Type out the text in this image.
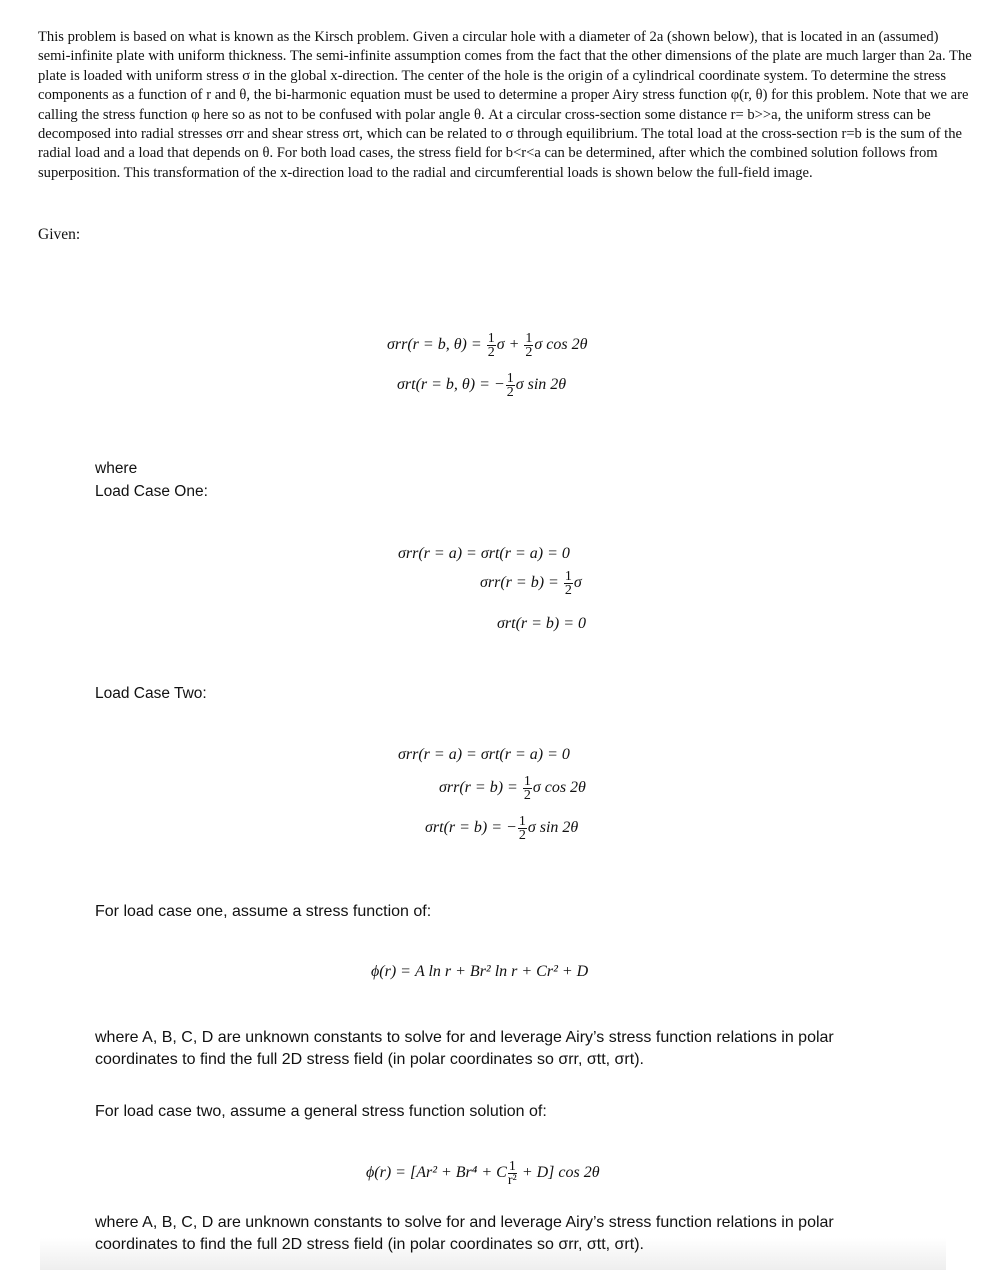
This problem is based on what is known as the Kirsch problem. Given a circular hole with a diameter of 2a (shown below), that is located in an (assumed) semi-infinite plate with uniform thickness. The semi-infinite assumption comes from the fact that the other dimensions of the plate are much larger than 2a. The plate is loaded with uniform stress σ in the global x-direction. The center of the hole is the origin of a cylindrical coordinate system. To determine the stress components as a function of r and θ, the bi-harmonic equation must be used to determine a proper Airy stress function φ(r, θ) for this problem. Note that we are calling the stress function φ here so as not to be confused with polar angle θ. At a circular cross-section some distance r= b>>a, the uniform stress can be decomposed into radial stresses σrr and shear stress σrt, which can be related to σ through equilibrium. The total load at the cross-section r=b is the sum of the radial load and a load that depends on θ. For both load cases, the stress field for b<r<a can be determined, after which the combined solution follows from superposition. This transformation of the x-direction load to the radial and circumferential loads is shown below the full-field image.
Given:
σrr(r = b, $\theta) = \frac{1}{2}$ $\sigma + \frac{1}{2}$ σ cos 2θ
σrt(r = b, θ) = − $\frac{1}{2}$ σ sin 2θ
where
Load Case One:
σrr(r = a) = σrt(r = a) = 0
$\sigma rr(r = b) = \frac{1}{2}$ σ
σrt(r = b) = 0
Load Case Two:
σrr(r = a) = σrt(r = a) = 0
$\sigma rr(r = b) = \frac{1}{2}$ σ cos 2θ
σrt(r = b) = − $\frac{1}{2}$ σ sin 2θ
For load case one, assume a stress function of:
ϕ(r) = A ln r + Br² ln r + Cr² + D
where A, B, C, D are unknown constants to solve for and leverage Airy’s stress function relations in polar coordinates to find the full 2D stress field (in polar coordinates so σrr, σtt, σrt).
For load case two, assume a general stress function solution of:
ϕ(r) = [Ar² + Br⁴ + C $\frac{1}{\text{r²}} + D$] cos 2θ
where A, B, C, D are unknown constants to solve for and leverage Airy’s stress function relations in polar coordinates to find the full 2D stress field (in polar coordinates so σrr, σtt, σrt).
